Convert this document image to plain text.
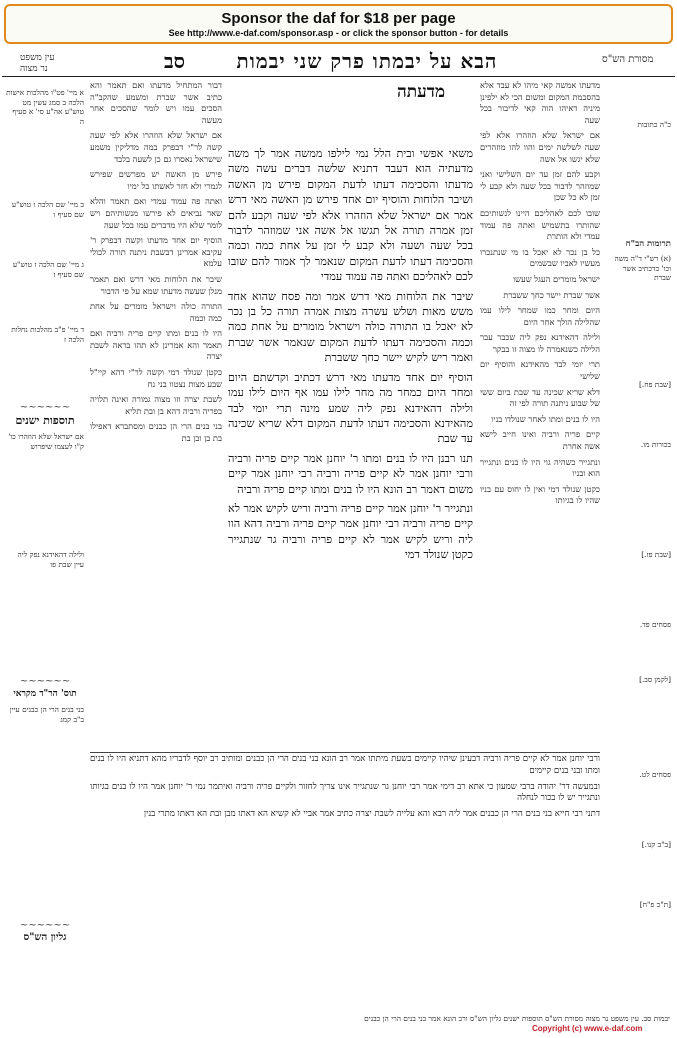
Sponsor the daf for $18 per page
See http://www.e-daf.com/sponsor.asp - or click the sponsor button - for details
עין משפט
נר מצוה	סב	הבא על יבמתו פרק שני יבמות	מסורת הש"ס
מדעתה	מדעתו אמשה קאי מיהו לא עבד אלא בהסכמת המקום ומשום הכי לא ילפינן מיניה דאיהו הוה קאי לדיבור בכל שעה

אם ישראל שלא הוזהרו אלא לפי שעה לשלשה ימים והוו להו מוזהרים שלא יגשו אל אשה

וקבע להם זמן עד יום השלישי ואני שמוזהר לדבור בכל שעה ולא קבע לי זמן לא כל שכן

שובו לכם לאהליכם היינו לנשותיכם שהותרו בתשמיש ואתה פה עמוד עמדי ולא הותרת

כל בן נכר לא יאכל בו מי שנתנכרו מעשיו לאביו שבשמים

ישראל מומרים העגל שעשו

אשר שברת יישר כחך ששברת

היום ומחר כמו שמחר לילו עמו שהלילה הולך אחר היום

ולילה דהאידנא נפק ליה שכבר עבר הלילה כשנאמרה לו מצוה זו בבקר

תרי יומי לבד מהאידנא והוסיף יום שלישי

דלא שריא שכינה עד שבת ביום ששי של שבוע ניתנה תורה לפי זה

היו לו בנים ומתו לאחר שנולדו בניו

קיים פריה ורביה ואינו חייב לישא אשה אחרת

ונתגייר כשהיה גוי היו לו בנים ונתגייר הוא ובניו

כקטן שנולד דמי ואין לו יחוס עם בניו שהיו לו בגיותו

משאי אפשי ובית הלל נמי לילפו ממשה אמר לך משה מדעתיה הוא דעבד דתניא שלשה דברים עשה משה מדעתו והסכימה דעתו לדעת המקום פירש מן האשה ושיבר הלוחות והוסיף יום אחד פירש מן האשה מאי דרש אמר אם ישראל שלא הוזהרו אלא לפי שעה וקבע להם זמן אמרה תורה אל תגשו אל אשה אני שמוזהר לדבור בכל שעה ושעה ולא קבע לי זמן על אחת כמה וכמה והסכימה דעתו לדעת המקום שנאמר לך אמור להם שובו לכם לאהליכם ואתה פה עמוד עמדי

שיבר את הלוחות מאי דרש אמר ומה פסח שהוא אחד משש מאות ושלש עשרה מצות אמרה תורה כל בן נכר לא יאכל בו התורה כולה וישראל מומרים על אחת כמה וכמה והסכימה דעתו לדעת המקום שנאמר אשר שברת ואמר ריש לקיש יישר כחך ששברת

הוסיף יום אחד מדעתו מאי דרש דכתיב וקדשתם היום ומחר היום כמחר מה מחר לילו עמו אף היום לילו עמו ולילה דהאידנא נפק ליה שמע מינה תרי יומי לבד מהאידנא והסכימה דעתו לדעת המקום דלא שריא שכינה עד שבת

תנו רבנן היו לו בנים ומתו ר' יוחנן אמר קיים פריה ורביה ורבי יוחנן אמר לא קיים פריה ורביה רבי יוחנן אמר קיים משום דאמר רב הונא היו לו בנים ומתו קיים פריה ורביה

ונתגייר ר' יוחנן אמר קיים פריה ורביה וריש לקיש אמר לא קיים פריה ורביה רבי יוחנן אמר קיים פריה ורביה דהא הוו ליה וריש לקיש אמר לא קיים פריה ורביה גר שנתגייר כקטן שנולד דמי

דבור המתחיל מדעתו ואם תאמר והא כתיב אשר שברת ומשמע שהקב"ה הסכים עמו ויש לומר שהסכים אחר מעשה

אם ישראל שלא הוזהרו אלא לפי שעה קשה לר"י דבפרק במה מדליקין משמע שישראל נאסרו גם כן לשעה בלבד

פירש מן האשה יש מפרשים שפירש לגמרי ולא חזר לאשתו כל ימיו

ואתה פה עמוד עמדי ואם תאמר והלא שאר נביאים לא פירשו מנשותיהם ויש לומר שלא היו מדברים עמו בכל שעה

הוסיף יום אחד מדעתו וקשה דבפרק ר' עקיבא אמרינן דבשבת ניתנה תורה לכולי עלמא

שיבר את הלוחות מאי דרש ואם תאמר מנלן שעשה מדעתו שמא על פי הדבור

התורה כולה וישראל מומרים על אחת כמה וכמה

היו לו בנים ומתו קיים פריה ורביה ואם תאמר והא אמרינן לא תהו בראה לשבת יצרה

כקטן שנולד דמי וקשה לר"י דהא קיי"ל שבע מצות נצטוו בני נח

לשבת יצרה וזו מצוה גמורה ואינה תלויה בפריה ורביה דהא בן ובת תליא

בני בנים הרי הן כבנים ומסתברא דאפילו בת בן ובן בת

ורבי יוחנן אמר לא קיים פריה ורביה דבעינן שיהיו קיימים בשעת מיתתו אמר רב הונא בני בנים הרי הן כבנים ומותיב רב יוסף לדבריו מהא דתניא היו לו בנים ומתו ובני בנים קיימים

ובמעשה דר' יהודה ברבי שמעון כי אתא רב דימי אמר רבי יוחנן גר שנתגייר אינו צריך לחזור ולקיים פריה ורביה ואיתמר נמי ר' יוחנן אמר היו לו בנים בגיותו ונתגייר יש לו בכור לנחלה

דתני רבי חייא בני בנים הרי הן כבנים אמר ליה רבא והא עלייה לשבת יצרה כתיב אמר אביי לא קשיא הא דאתו מבן ובת הא דאתו מתרי בנין

כ"ה כתובות
תרומות הב"ח
(א) רש"י ד"ה משה וכו' כדכתיב אשר שברת
[שבת פח.]
בכורות מו.
[שבת פז.]
פסחים פד.
[לקמן סב.]
פסחים לט.
[ב"ב קנו.]
[ת"כ פ"ח]
א מיי' פט"ו מהלכות אישות הלכה ב סמג עשין מט טוש"ע אה"ע סי' א סעיף ה
ב מיי' שם הלכה ו טוש"ע שם סעיף ו
ג מיי' שם הלכה ז טוש"ע שם סעיף ז
ד מיי' פ"ב מהלכות נחלות הלכה ז
~~~~~~
תוספות ישנים
אם ישראל שלא הוזהרו כו' ק"ו לעצמו שיפרוש
ולילה דהאידנא נפק ליה עיין שבת פו
~~~~~~
תוס' הר"ד מקראי
בני בנים הרי הן כבנים עיין ב"ב קמג
~~~~~~
גליון הש"ס
יבמות סב. עין משפט נר מצוה מסורת הש"ס תוספות ישנים גליון הש"ס ורב הונא אמר בני בנים הרי הן כבנים
Copyright (c) www.e-daf.com
